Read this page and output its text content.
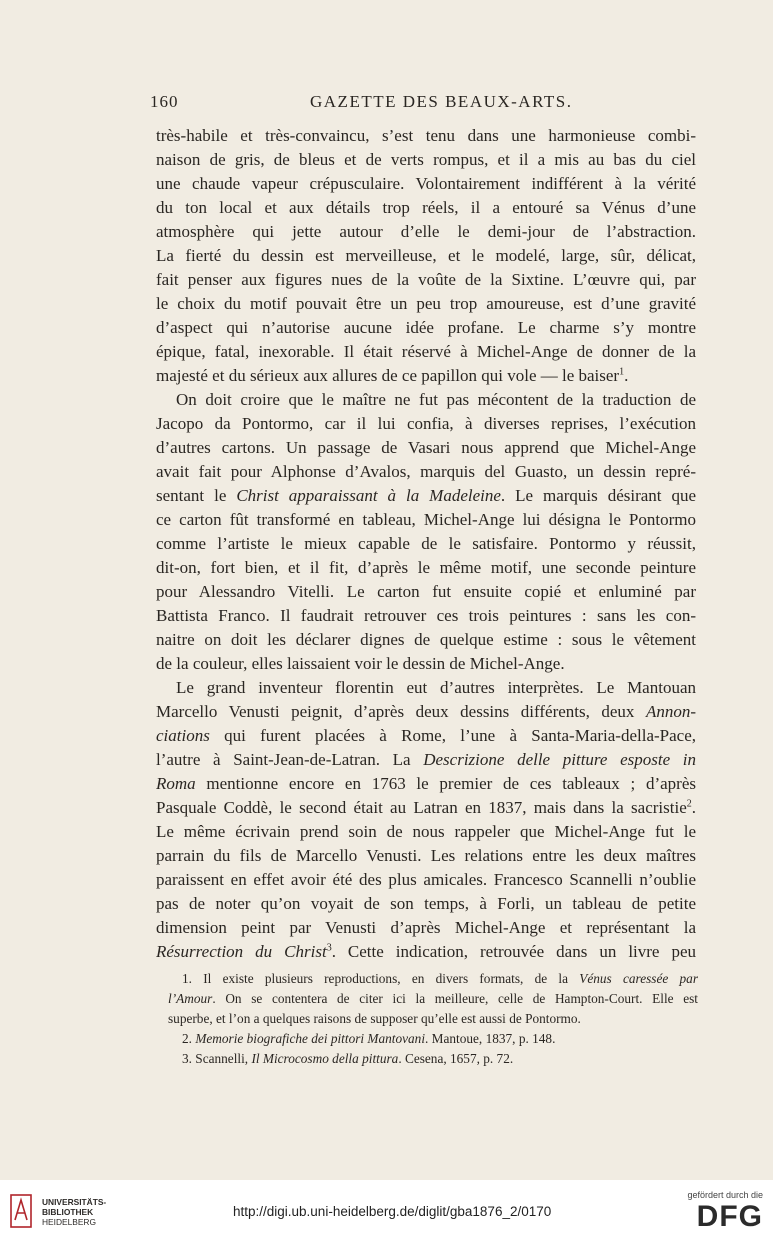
160	GAZETTE DES BEAUX-ARTS.
très-habile et très-convaincu, s’est tenu dans une harmonieuse combi-
naison de gris, de bleus et de verts rompus, et il a mis au bas du ciel
une chaude vapeur crépusculaire. Volontairement indifférent à la vérité
du ton local et aux détails trop réels, il a entouré sa Vénus d’une
atmosphère qui jette autour d’elle le demi-jour de l’abstraction.
La fierté du dessin est merveilleuse, et le modelé, large, sûr, délicat,
fait penser aux figures nues de la voûte de la Sixtine. L’œuvre qui, par
le choix du motif pouvait être un peu trop amoureuse, est d’une gravité
d’aspect qui n’autorise aucune idée profane. Le charme s’y montre
épique, fatal, inexorable. Il était réservé à Michel-Ange de donner de la
majesté et du sérieux aux allures de ce papillon qui vole — le baiser$^1$.
On doit croire que le maître ne fut pas mécontent de la traduction de
Jacopo da Pontormo, car il lui confia, à diverses reprises, l’exécution
d’autres cartons. Un passage de Vasari nous apprend que Michel-Ange
avait fait pour Alphonse d’Avalos, marquis del Guasto, un dessin repré-
sentant le Christ apparaissant à la Madeleine. Le marquis désirant que
ce carton fût transformé en tableau, Michel-Ange lui désigna le Pontormo
comme l’artiste le mieux capable de le satisfaire. Pontormo y réussit,
dit-on, fort bien, et il fit, d’après le même motif, une seconde peinture
pour Alessandro Vitelli. Le carton fut ensuite copié et enluminé par
Battista Franco. Il faudrait retrouver ces trois peintures : sans les con-
naitre on doit les déclarer dignes de quelque estime : sous le vêtement
de la couleur, elles laissaient voir le dessin de Michel-Ange.
Le grand inventeur florentin eut d’autres interprètes. Le Mantouan
Marcello Venusti peignit, d’après deux dessins différents, deux Annon-
ciations qui furent placées à Rome, l’une à Santa-Maria-della-Pace,
l’autre à Saint-Jean-de-Latran. La Descrizione delle pitture esposte in
Roma mentionne encore en 1763 le premier de ces tableaux ; d’après
Pasquale Coddè, le second était au Latran en 1837, mais dans la sacristie$^2$.
Le même écrivain prend soin de nous rappeler que Michel-Ange fut le
parrain du fils de Marcello Venusti. Les relations entre les deux maîtres
paraissent en effet avoir été des plus amicales. Francesco Scannelli n’oublie
pas de noter qu’on voyait de son temps, à Forli, un tableau de petite
dimension peint par Venusti d’après Michel-Ange et représentant la
Résurrection du Christ$^3$. Cette indication, retrouvée dans un livre peu
1. Il existe plusieurs reproductions, en divers formats, de la Vénus caressée par
l’Amour. On se contentera de citer ici la meilleure, celle de Hampton-Court. Elle est
superbe, et l’on a quelques raisons de supposer qu’elle est aussi de Pontormo.
2. Memorie biografiche dei pittori Mantovani. Mantoue, 1837, p. 148.
3. Scannelli, Il Microcosmo della pittura. Cesena, 1657, p. 72.
UNIVERSITÄTS-
BIBLIOTHEK
HEIDELBERG
http://digi.ub.uni-heidelberg.de/diglit/gba1876_2/0170
gefördert durch die
DFG
